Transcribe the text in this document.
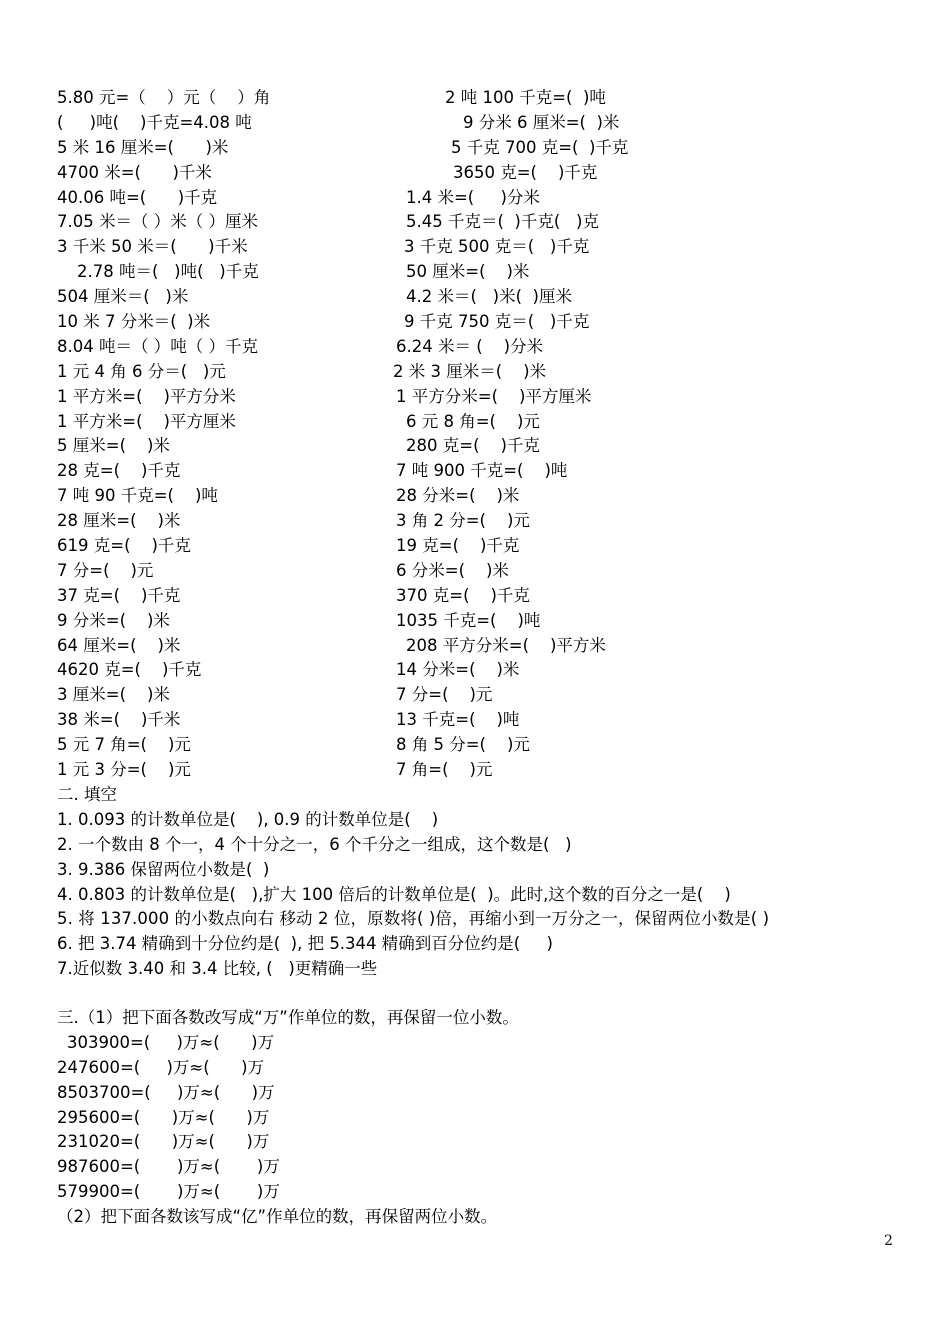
5.80 元=（    ）元（    ）角	2 吨 100 千克=(  )吨
(     )吨(    )千克=4.08 吨	9 分米 6 厘米=(  )米
5 米 16 厘米=(      )米	5 千克 700 克=(  )千克
4700 米=(      )千米	3650 克=(    )千克
40.06 吨=(      )千克	1.4 米=(     )分米
7.05 米＝（ ）米（ ）厘米	5.45 千克＝(  )千克(   )克
3 千米 50 米＝(      )千米	3 千克 500 克＝(   )千克
2.78 吨＝(   )吨(   )千克	50 厘米=(    )米
504 厘米＝(   )米	4.2 米＝(   )米(  )厘米
10 米 7 分米＝(  )米	9 千克 750 克＝(   )千克
8.04 吨＝（ ）吨（ ）千克	6.24 米＝ (    )分米
1 元 4 角 6 分＝(   )元	2 米 3 厘米＝(    )米
1 平方米=(    )平方分米	1 平方分米=(    )平方厘米
1 平方米=(    )平方厘米	6 元 8 角=(    )元
5 厘米=(    )米	280 克=(    )千克
28 克=(    )千克	7 吨 900 千克=(    )吨
7 吨 90 千克=(    )吨	28 分米=(    )米
28 厘米=(    )米	3 角 2 分=(    )元
619 克=(    )千克	19 克=(    )千克
7 分=(    )元	6 分米=(    )米
37 克=(    )千克	370 克=(    )千克
9 分米=(    )米	1035 千克=(    )吨
64 厘米=(    )米	208 平方分米=(    )平方米
4620 克=(    )千克	14 分米=(    )米
3 厘米=(    )米	7 分=(    )元
38 米=(    )千米	13 千克=(    )吨
5 元 7 角=(    )元	8 角 5 分=(    )元
1 元 3 分=(    )元	7 角=(    )元
二. 填空
1. 0.093 的计数单位是(    ), 0.9 的计数单位是(    )
2. 一个数由 8 个一，4 个十分之一，6 个千分之一组成，这个数是(   )
3. 9.386 保留两位小数是(  )
4. 0.803 的计数单位是(   ),扩大 100 倍后的计数单位是(  )。此时,这个数的百分之一是(    )
5. 将 137.000 的小数点向右 移动 2 位，原数将( )倍，再缩小到一万分之一，保留两位小数是( )
6. 把 3.74 精确到十分位约是(  ), 把 5.344 精确到百分位约是(     )
7.近似数 3.40 和 3.4 比较, (   )更精确一些
三.（1）把下面各数改写成“万”作单位的数，再保留一位小数。
303900=(     )万≈(      )万
247600=(     )万≈(      )万
8503700=(     )万≈(      )万
295600=(      )万≈(      )万
231020=(      )万≈(      )万
987600=(       )万≈(       )万
579900=(       )万≈(       )万
（2）把下面各数该写成“亿”作单位的数，再保留两位小数。
2
